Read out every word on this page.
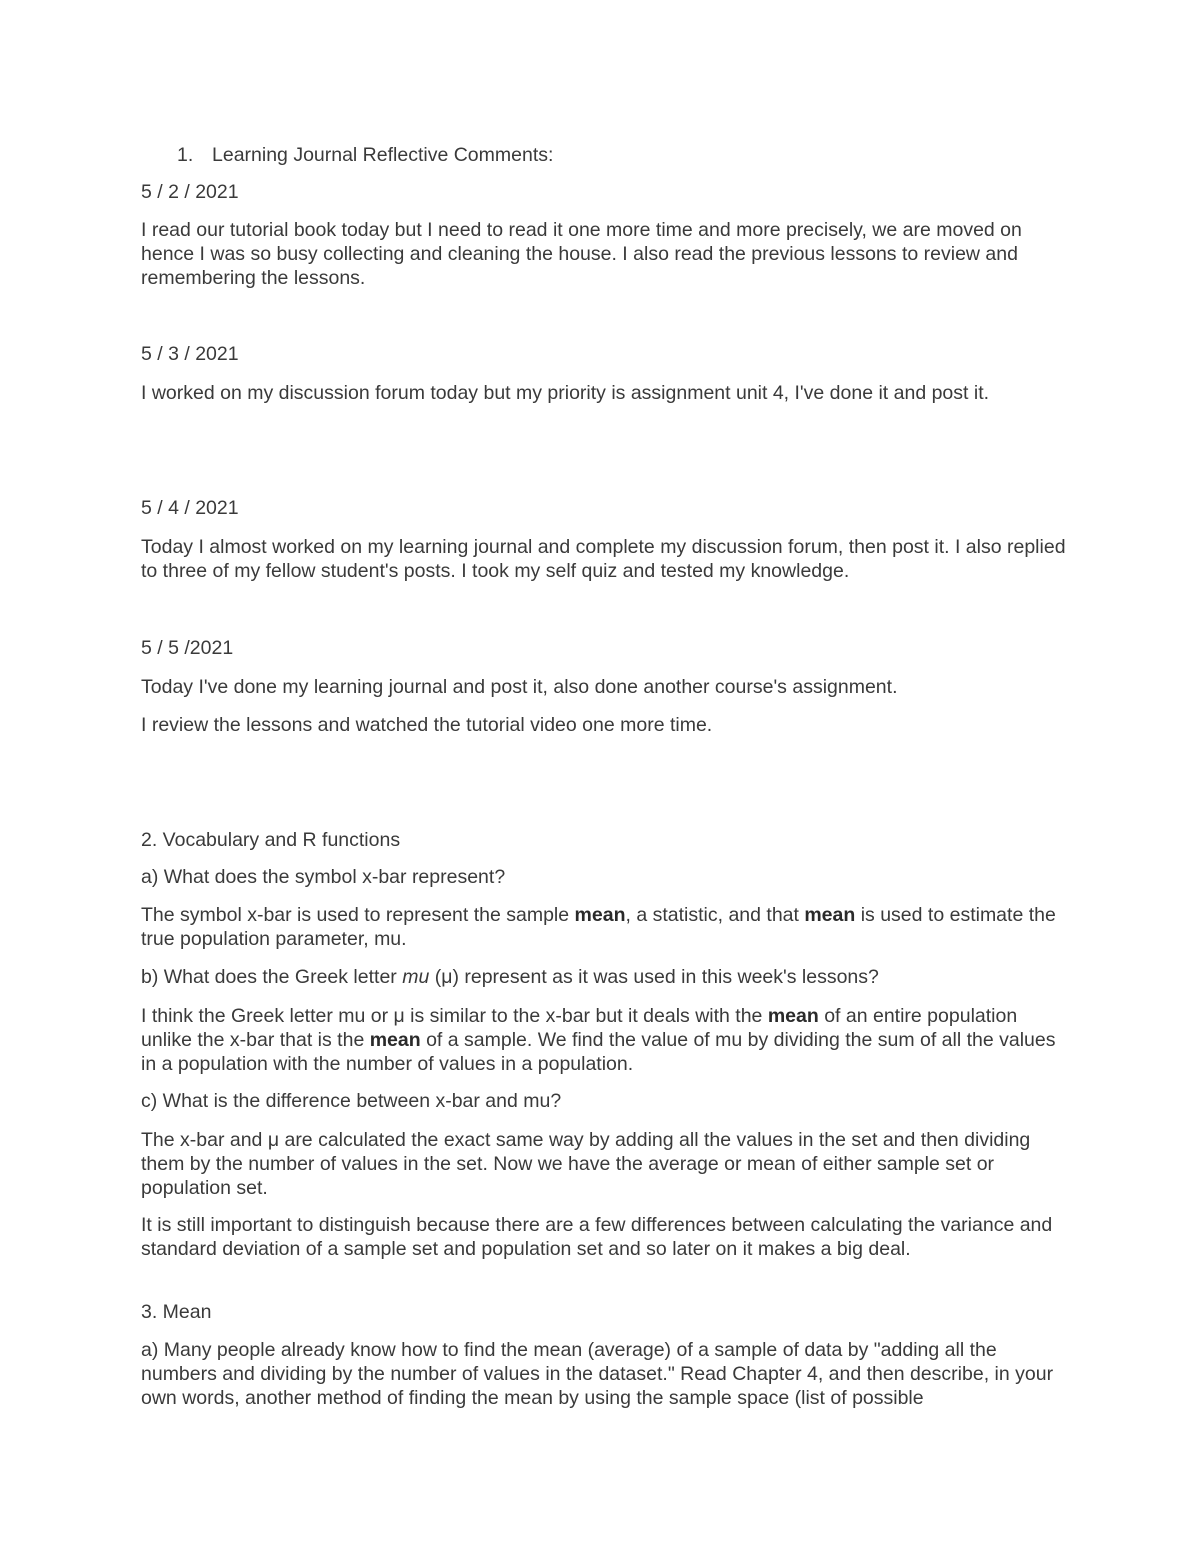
1. Learning Journal Reflective Comments:

5 / 2 / 2021

I read our tutorial book today but I need to read it one more time and more precisely, we are moved on hence I was so busy collecting and cleaning the house. I also read the previous lessons to review and remembering the lessons.

5 / 3 / 2021

I worked on my discussion forum today but my priority is assignment unit 4, I've done it and post it.

5 / 4 / 2021

Today I almost worked on my learning journal and complete my discussion forum, then post it. I also replied to three of my fellow student's posts. I took my self quiz and tested my knowledge.

5 / 5 /2021

Today I've done my learning journal and post it, also done another course's assignment.

I review the lessons and watched the tutorial video one more time.

2. Vocabulary and R functions

a) What does the symbol x-bar represent?

The symbol x-bar is used to represent the sample mean, a statistic, and that mean is used to estimate the true population parameter, mu.

b) What does the Greek letter mu (μ) represent as it was used in this week's lessons?

I think the Greek letter mu or μ is similar to the x-bar but it deals with the mean of an entire population unlike the x-bar that is the mean of a sample. We find the value of mu by dividing the sum of all the values in a population with the number of values in a population.

c) What is the difference between x-bar and mu?

The x-bar and μ are calculated the exact same way by adding all the values in the set and then dividing them by the number of values in the set. Now we have the average or mean of either sample set or population set.

It is still important to distinguish because there are a few differences between calculating the variance and standard deviation of a sample set and population set and so later on it makes a big deal.

3. Mean

a) Many people already know how to find the mean (average) of a sample of data by "adding all the numbers and dividing by the number of values in the dataset." Read Chapter 4, and then describe, in your own words, another method of finding the mean by using the sample space (list of possible
